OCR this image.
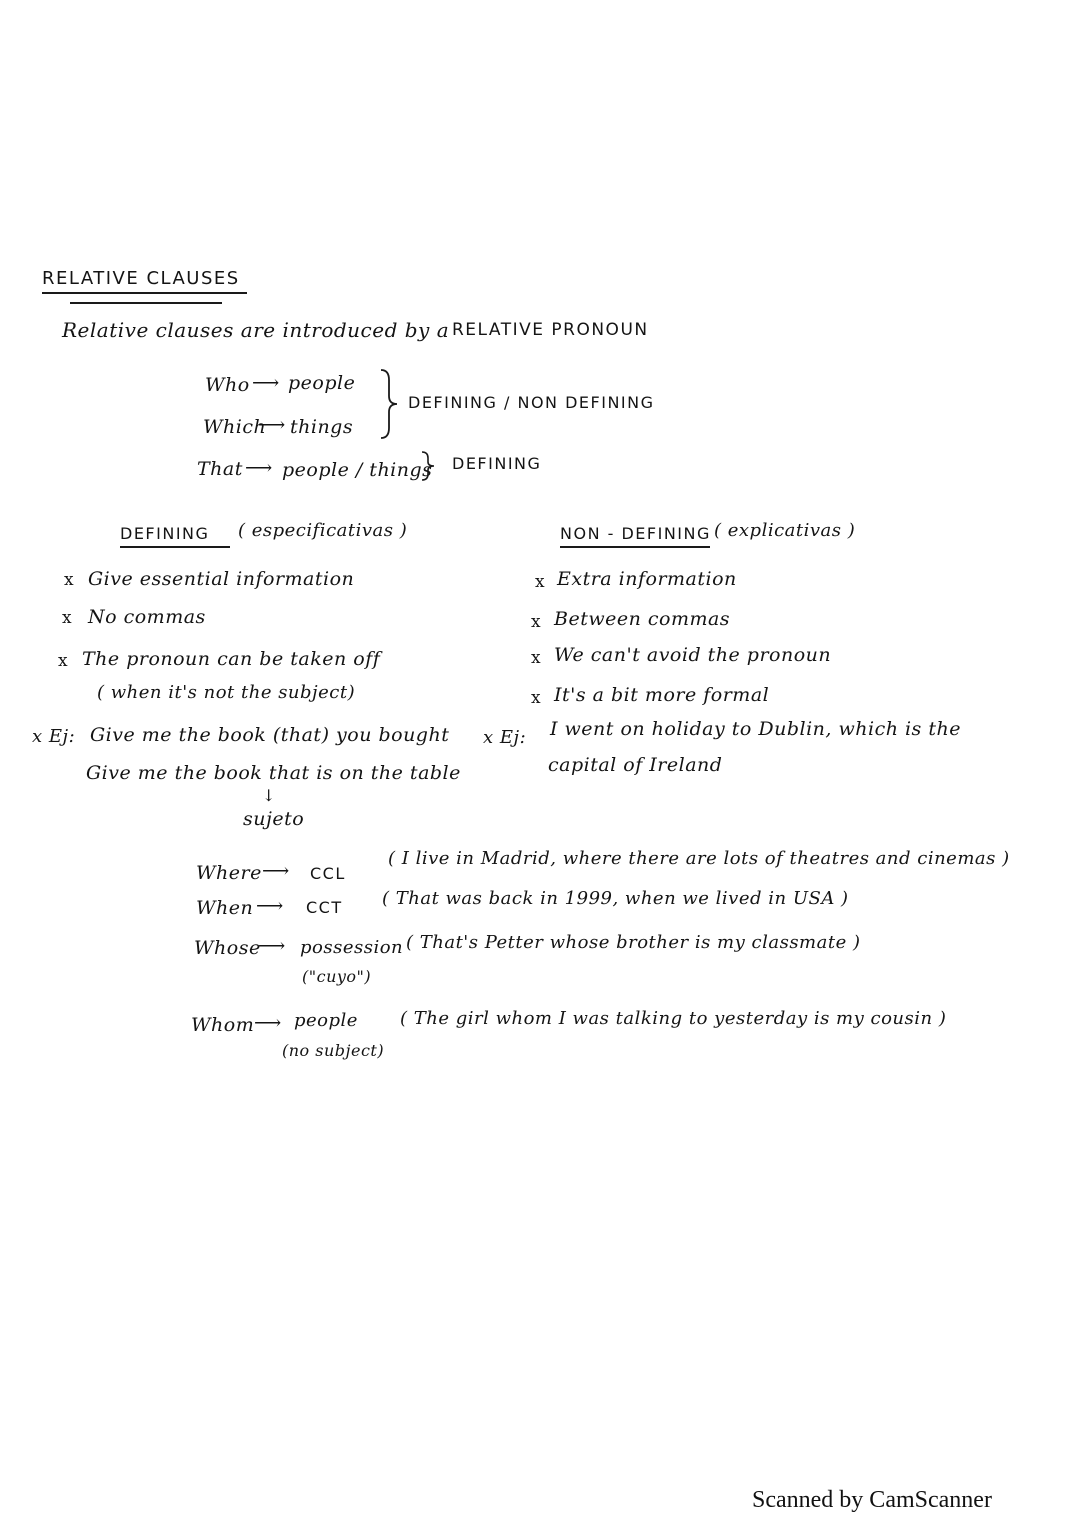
RELATIVE CLAUSES
Relative clauses are introduced by a RELATIVE PRONOUN
Who ⟶ people
Which
⟶ things
DEFINING / NON DEFINING
That ⟶ people / things DEFINING
DEFINING ( especificativas )
x Give essential information
x No commas
x The pronoun can be taken off
( when it's not the subject)
x Ej: Give me the book (that) you bought
Give me the book that is on the table
↓
sujeto
NON - DEFINING ( explicativas )
x Extra information
x Between commas
x We can't avoid the pronoun
x It's a bit more formal
x Ej: I went on holiday to Dublin, which is the
capital of Ireland
Where ⟶ CCL
( I live in Madrid, where there are lots of theatres and cinemas )
When ⟶ CCT ( That was back in 1999, when we lived in USA )
Whose
⟶ possession ( That's Petter whose brother is my classmate )
("cuyo")
Whom ⟶ people ( The girl whom I was talking to yesterday is my cousin )
(no subject)
Scanned by CamScanner
